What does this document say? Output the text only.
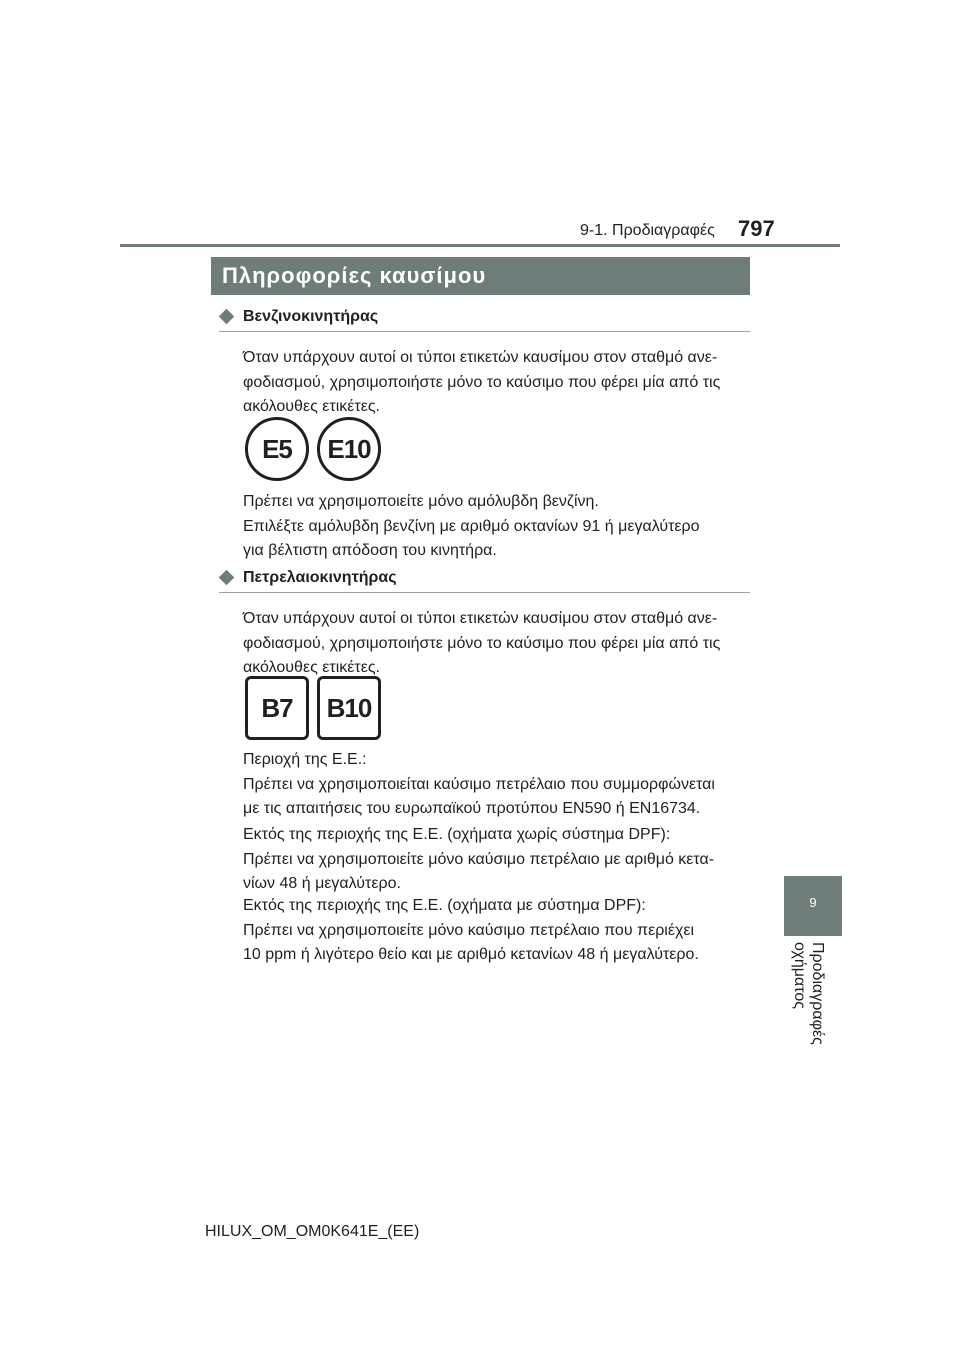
9-1. Προδιαγραφές 797
Πληροφορίες καυσίμου
Βενζινοκινητήρας

Όταν υπάρχουν αυτοί οι τύποι ετικετών καυσίμου στον σταθμό ανε-
φοδιασμού, χρησιμοποιήστε μόνο το καύσιμο που φέρει μία από τις
ακόλουθες ετικέτες.

E5 E10

Πρέπει να χρησιμοποιείτε μόνο αμόλυβδη βενζίνη.
Επιλέξτε αμόλυβδη βενζίνη με αριθμό οκτανίων 91 ή μεγαλύτερο
για βέλτιστη απόδοση του κινητήρα.

Πετρελαιοκινητήρας

Όταν υπάρχουν αυτοί οι τύποι ετικετών καυσίμου στον σταθμό ανε-
φοδιασμού, χρησιμοποιήστε μόνο το καύσιμο που φέρει μία από τις
ακόλουθες ετικέτες.

B7 B10

Περιοχή της Ε.Ε.:
Πρέπει να χρησιμοποιείται καύσιμο πετρέλαιο που συμμορφώνεται
με τις απαιτήσεις του ευρωπαϊκού προτύπου EN590 ή EN16734.

Εκτός της περιοχής της Ε.Ε. (οχήματα χωρίς σύστημα DPF):
Πρέπει να χρησιμοποιείτε μόνο καύσιμο πετρέλαιο με αριθμό κετα-
νίων 48 ή μεγαλύτερο.

Εκτός της περιοχής της Ε.Ε. (οχήματα με σύστημα DPF):
Πρέπει να χρησιμοποιείτε μόνο καύσιμο πετρέλαιο που περιέχει
10 ppm ή λιγότερο θείο και με αριθμό κετανίων 48 ή μεγαλύτερο.

9
Προδιαγραφές οχήματος
HILUX_OM_OM0K641E_(EE)
